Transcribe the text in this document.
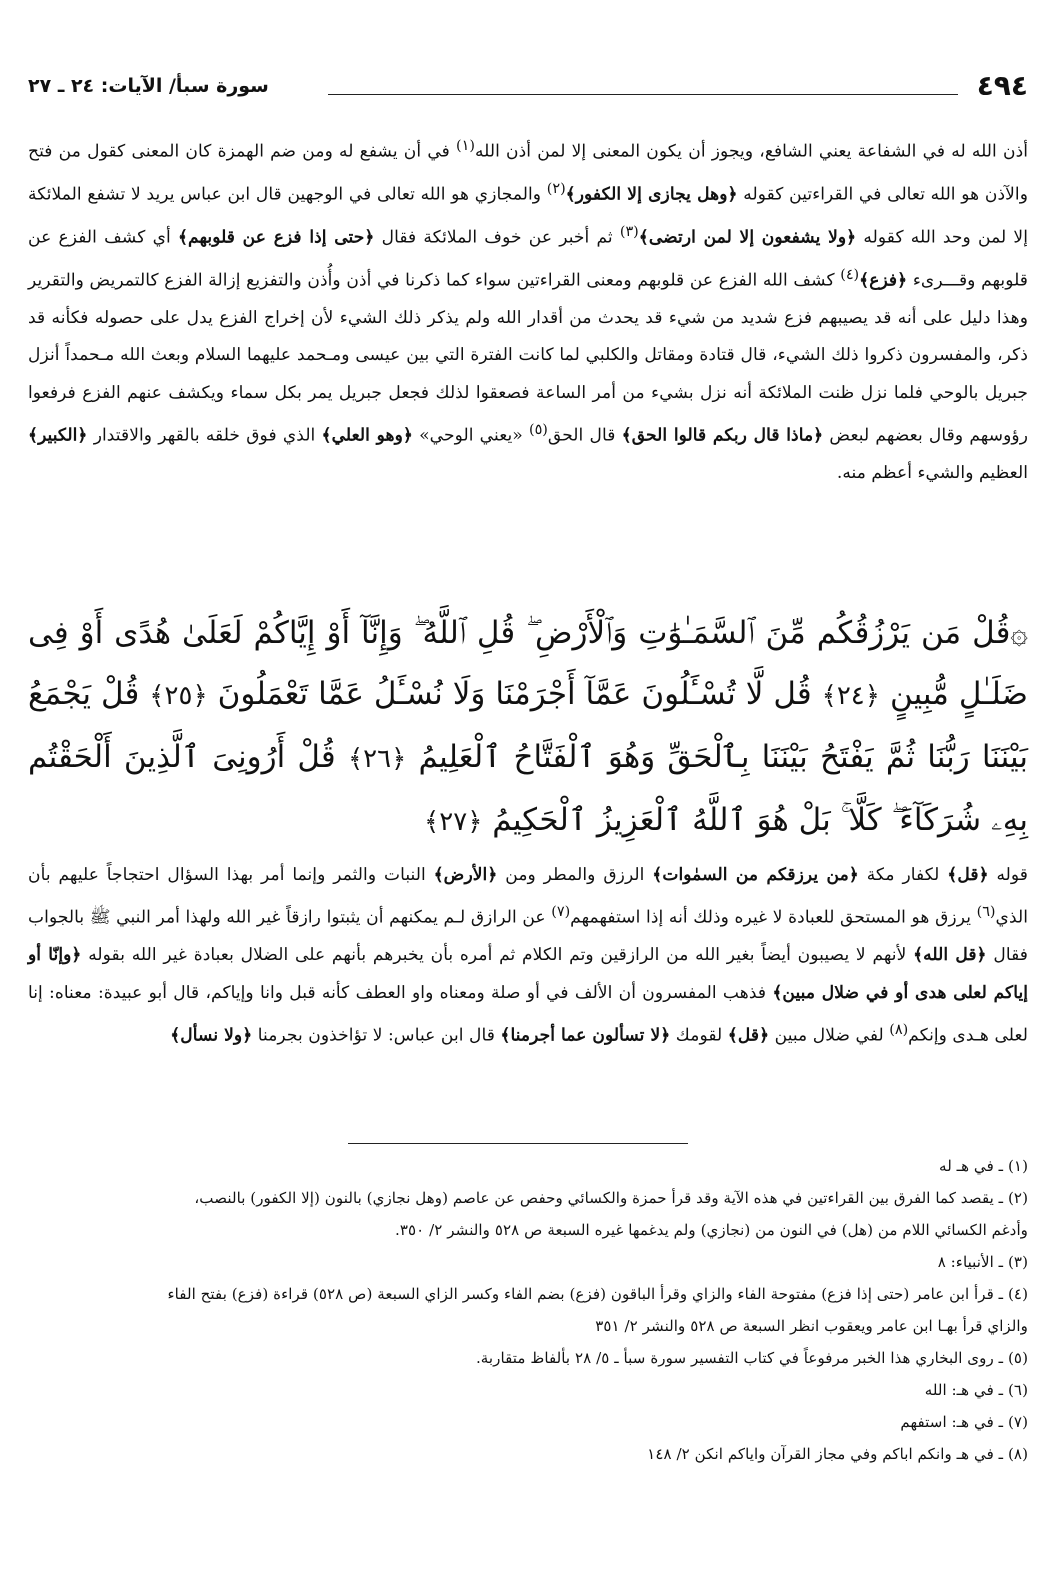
٤٩٤
سورة سبأ/ الآيات: ٢٤ ـ ٢٧

أذن الله له في الشفاعة يعني الشافع، ويجوز أن يكون المعنى إلا لمن أذن الله$^{(١)}$ في أن يشفع له ومن ضم الهمزة كان المعنى كقول من فتح والآذن هو الله تعالى في القراءتين كقوله ﴿وهل يجازى إلا الكفور﴾$^{(٢)}$ والمجازي هو الله تعالى في الوجهين قال ابن عباس يريد لا تشفع الملائكة إلا لمن وحد الله كقوله ﴿ولا يشفعون إلا لمن ارتضى﴾$^{(٣)}$ ثم أخبر عن خوف الملائكة فقال ﴿حتى إذا فزع عن قلوبهم﴾ أي كشف الفزع عن قلوبهم وقـــرىء ﴿فزع﴾$^{(٤)}$ كشف الله الفزع عن قلوبهم ومعنى القراءتين سواء كما ذكرنا في أذن وأُذن والتفزيع إزالة الفزع كالتمريض والتقرير وهذا دليل على أنه قد يصيبهم فزع شديد من شيء قد يحدث من أقدار الله ولم يذكر ذلك الشيء لأن إخراج الفزع يدل على حصوله فكأنه قد ذكر، والمفسرون ذكروا ذلك الشيء، قال قتادة ومقاتل والكلبي لما كانت الفترة التي بين عيسى ومـحمد عليهما السلام وبعث الله مـحمداً أنزل جبريل بالوحي فلما نزل ظنت الملائكة أنه نزل بشيء من أمر الساعة فصعقوا لذلك فجعل جبريل يمر بكل سماء ويكشف عنهم الفزع فرفعوا رؤوسهم وقال بعضهم لبعض ﴿ماذا قال ربكم قالوا الحق﴾ قال الحق$^{(٥)}$ «يعني الوحي» ﴿وهو العلي﴾ الذي فوق خلقه بالقهر والاقتدار ﴿الكبير﴾ العظيم والشيء أعظم منه.

۞قُلْ مَن يَرْزُقُكُم مِّنَ ٱلسَّمَـٰوَٰتِ وَٱلْأَرْضِ ۖ قُلِ ٱللَّهُ ۖ وَإِنَّآ أَوْ إِيَّاكُمْ لَعَلَىٰ هُدًى أَوْ فِى ضَلَـٰلٍ مُّبِينٍ ﴿٢٤﴾ قُل لَّا تُسْـَٔلُونَ عَمَّآ أَجْرَمْنَا وَلَا نُسْـَٔلُ عَمَّا تَعْمَلُونَ ﴿٢٥﴾ قُلْ يَجْمَعُ بَيْنَنَا رَبُّنَا ثُمَّ يَفْتَحُ بَيْنَنَا بِٱلْحَقِّ وَهُوَ ٱلْفَتَّاحُ ٱلْعَلِيمُ ﴿٢٦﴾ قُلْ أَرُونِىَ ٱلَّذِينَ أَلْحَقْتُم بِهِۦ شُرَكَآءَ ۖ كَلَّا ۚ بَلْ هُوَ ٱللَّهُ ٱلْعَزِيزُ ٱلْحَكِيمُ ﴿٢٧﴾

قوله ﴿قل﴾ لكفار مكة ﴿من يرزقكم من السمٰوات﴾ الرزق والمطر ومن ﴿الأرض﴾ النبات والثمر وإنما أمر بهذا السؤال احتجاجاً عليهم بأن الذي$^{(٦)}$ يرزق هو المستحق للعبادة لا غيره وذلك أنه إذا استفهمهم$^{(٧)}$ عن الرازق لـم يمكنهم أن يثبتوا رازقاً غير الله ولهذا أمر النبي ﷺ بالجواب فقال ﴿قل الله﴾ لأنهم لا يصيبون أيضاً بغير الله من الرازقين وتم الكلام ثم أمره بأن يخبرهم بأنهم على الضلال بعبادة غير الله بقوله ﴿وإنّا أو إياكم لعلى هدى أو في ضلال مبين﴾ فذهب المفسرون أن الألف في أو صلة ومعناه واو العطف كأنه قبل وانا وإياكم، قال أبو عبيدة: معناه: إنا لعلى هـدى وإنكم$^{(٨)}$ لفي ضلال مبين ﴿قل﴾ لقومك ﴿لا تسألون عما أجرمنا﴾ قال ابن عباس: لا تؤاخذون بجرمنا ﴿ولا نسأل﴾

(١) ـ في هـ له
(٢) ـ يقصد كما الفرق بين القراءتين في هذه الآية وقد قرأ حمزة والكسائي وحفص عن عاصم (وهل نجازي) بالنون (إلا الكفور) بالنصب،
وأدغم الكسائي اللام من (هل) في النون من (نجازي) ولم يدغمها غيره السبعة ص ٥٢٨ والنشر ٢/ ٣٥٠.
(٣) ـ الأنبياء: ٨
(٤) ـ قرأ ابن عامر (حتى إذا فزع) مفتوحة الفاء والزاي وقرأ الباقون (فزع) بضم الفاء وكسر الزاي السبعة (ص ٥٢٨) قراءة (فزع) بفتح الفاء
والزاي قرأ بهـا ابن عامر ويعقوب انظر السبعة ص ٥٢٨ والنشر ٢/ ٣٥١
(٥) ـ روى البخاري هذا الخبر مرفوعاً في كتاب التفسير سورة سبأ ـ ٥/ ٢٨ بألفاظ متقاربة.
(٦) ـ في هـ: الله
(٧) ـ في هـ: استفهم
(٨) ـ في هـ وانكم اباكم وفي مجاز القرآن واياكم انكن ٢/ ١٤٨
